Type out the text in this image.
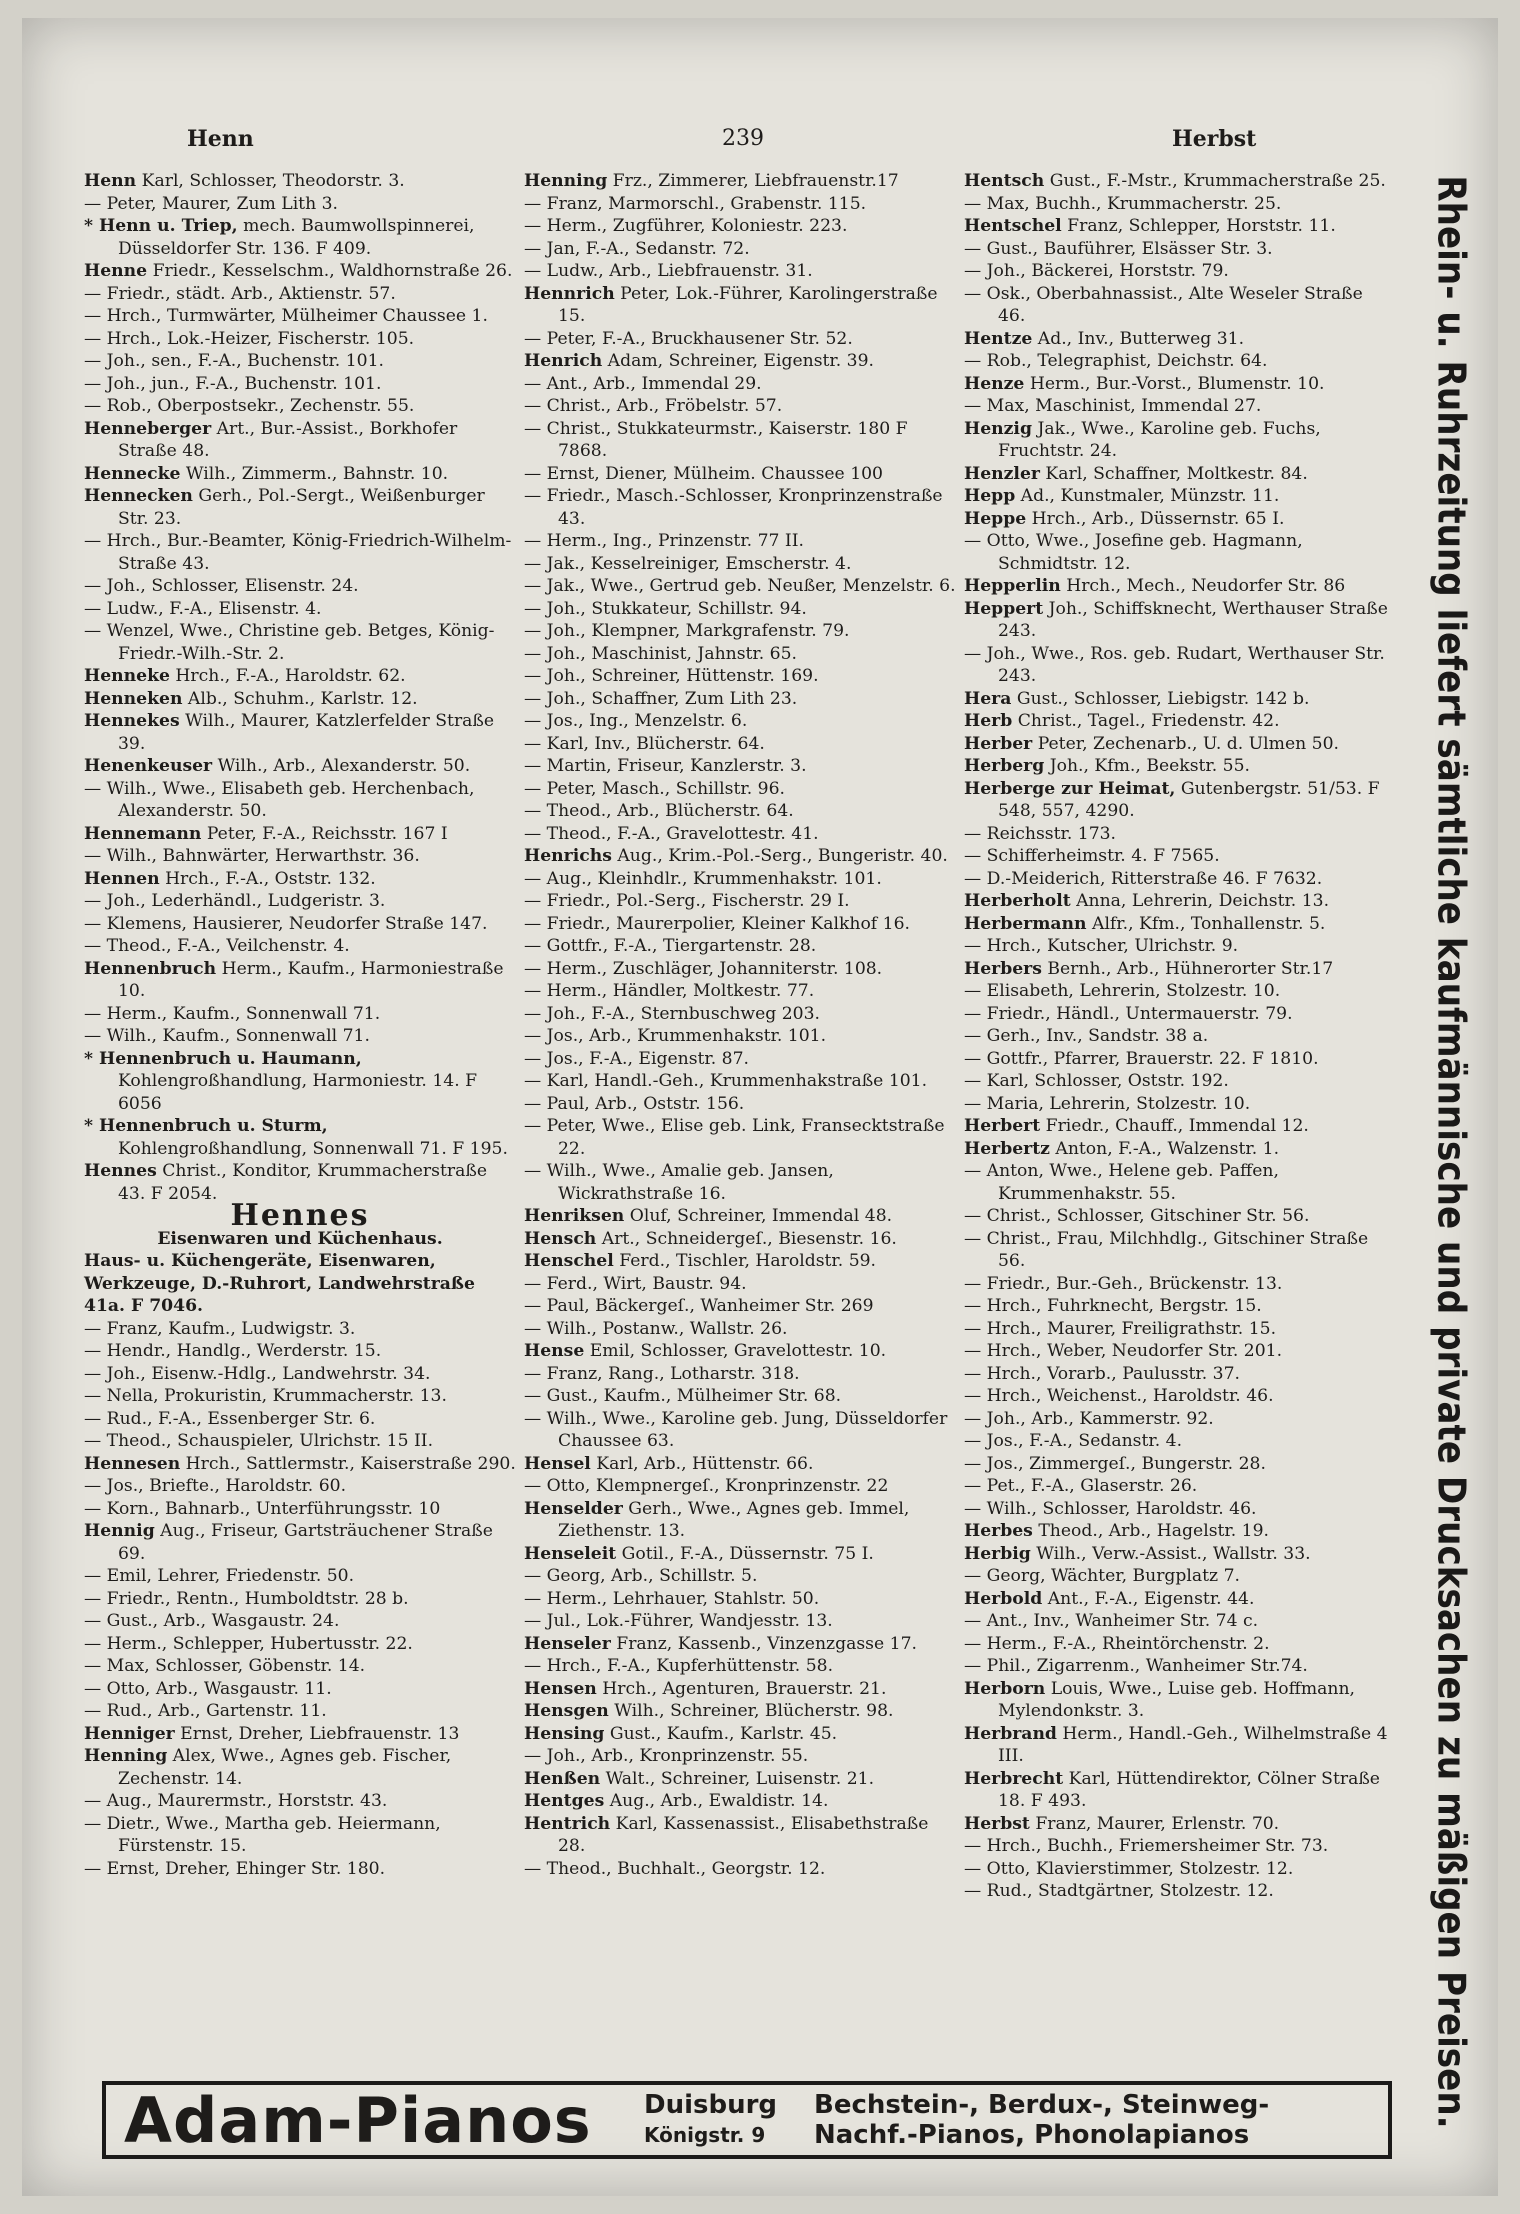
Henn	239	Herbst

Henn Karl, Schlosser, Theodorstr. 3.

— Peter, Maurer, Zum Lith 3.

* Henn u. Triep, mech. Baumwollspinnerei, Düsseldorfer Str. 136. F 409.

Henne Friedr., Kesselschm., Waldhornstraße 26.

— Friedr., städt. Arb., Aktienstr. 57.

— Hrch., Turmwärter, Mülheimer Chaussee 1.

— Hrch., Lok.-Heizer, Fischerstr. 105.

— Joh., sen., F.-A., Buchenstr. 101.

— Joh., jun., F.-A., Buchenstr. 101.

— Rob., Oberpostsekr., Zechenstr. 55.

Henneberger Art., Bur.-Assist., Borkhofer Straße 48.

Hennecke Wilh., Zimmerm., Bahnstr. 10.

Hennecken Gerh., Pol.-Sergt., Weißenburger Str. 23.

— Hrch., Bur.-Beamter, König-Friedrich-Wilhelm-Straße 43.

— Joh., Schlosser, Elisenstr. 24.

— Ludw., F.-A., Elisenstr. 4.

— Wenzel, Wwe., Christine geb. Betges, König-Friedr.-Wilh.-Str. 2.

Henneke Hrch., F.-A., Haroldstr. 62.

Henneken Alb., Schuhm., Karlstr. 12.

Hennekes Wilh., Maurer, Katzlerfelder Straße 39.

Henenkeuser Wilh., Arb., Alexanderstr. 50.

— Wilh., Wwe., Elisabeth geb. Herchenbach, Alexanderstr. 50.

Hennemann Peter, F.-A., Reichsstr. 167 I

— Wilh., Bahnwärter, Herwarthstr. 36.

Hennen Hrch., F.-A., Oststr. 132.

— Joh., Lederhändl., Ludgeristr. 3.

— Klemens, Hausierer, Neudorfer Straße 147.

— Theod., F.-A., Veilchenstr. 4.

Hennenbruch Herm., Kaufm., Harmoniestraße 10.

— Herm., Kaufm., Sonnenwall 71.

— Wilh., Kaufm., Sonnenwall 71.

* Hennenbruch u. Haumann, Kohlengroßhandlung, Harmoniestr. 14. F 6056

* Hennenbruch u. Sturm, Kohlengroßhandlung, Sonnenwall 71. F 195.

Hennes Christ., Konditor, Krummacherstraße 43. F 2054.

Hennes

Eisenwaren und Küchenhaus.

Haus- u. Küchengeräte, Eisenwaren, Werkzeuge, D.-Ruhrort, Landwehrstraße 41a. F 7046.

— Franz, Kaufm., Ludwigstr. 3.

— Hendr., Handlg., Werderstr. 15.

— Joh., Eisenw.-Hdlg., Landwehrstr. 34.

— Nella, Prokuristin, Krummacherstr. 13.

— Rud., F.-A., Essenberger Str. 6.

— Theod., Schauspieler, Ulrichstr. 15 II.

Hennesen Hrch., Sattlermstr., Kaiserstraße 290.

— Jos., Briefte., Haroldstr. 60.

— Korn., Bahnarb., Unterführungsstr. 10

Hennig Aug., Friseur, Gartsträuchener Straße 69.

— Emil, Lehrer, Friedenstr. 50.

— Friedr., Rentn., Humboldtstr. 28 b.

— Gust., Arb., Wasgaustr. 24.

— Herm., Schlepper, Hubertusstr. 22.

— Max, Schlosser, Göbenstr. 14.

— Otto, Arb., Wasgaustr. 11.

— Rud., Arb., Gartenstr. 11.

Henniger Ernst, Dreher, Liebfrauenstr. 13

Henning Alex, Wwe., Agnes geb. Fischer, Zechenstr. 14.

— Aug., Maurermstr., Horststr. 43.

— Dietr., Wwe., Martha geb. Heiermann, Fürstenstr. 15.

— Ernst, Dreher, Ehinger Str. 180.

Henning Frz., Zimmerer, Liebfrauenstr.17

— Franz, Marmorschl., Grabenstr. 115.

— Herm., Zugführer, Koloniestr. 223.

— Jan, F.-A., Sedanstr. 72.

— Ludw., Arb., Liebfrauenstr. 31.

Hennrich Peter, Lok.-Führer, Karolingerstraße 15.

— Peter, F.-A., Bruckhausener Str. 52.

Henrich Adam, Schreiner, Eigenstr. 39.

— Ant., Arb., Immendal 29.

— Christ., Arb., Fröbelstr. 57.

— Christ., Stukkateurmstr., Kaiserstr. 180 F 7868.

— Ernst, Diener, Mülheim. Chaussee 100

— Friedr., Masch.-Schlosser, Kronprinzenstraße 43.

— Herm., Ing., Prinzenstr. 77 II.

— Jak., Kesselreiniger, Emscherstr. 4.

— Jak., Wwe., Gertrud geb. Neußer, Menzelstr. 6.

— Joh., Stukkateur, Schillstr. 94.

— Joh., Klempner, Markgrafenstr. 79.

— Joh., Maschinist, Jahnstr. 65.

— Joh., Schreiner, Hüttenstr. 169.

— Joh., Schaffner, Zum Lith 23.

— Jos., Ing., Menzelstr. 6.

— Karl, Inv., Blücherstr. 64.

— Martin, Friseur, Kanzlerstr. 3.

— Peter, Masch., Schillstr. 96.

— Theod., Arb., Blücherstr. 64.

— Theod., F.-A., Gravelottestr. 41.

Henrichs Aug., Krim.-Pol.-Serg., Bungeristr. 40.

— Aug., Kleinhdlr., Krummenhakstr. 101.

— Friedr., Pol.-Serg., Fischerstr. 29 I.

— Friedr., Maurerpolier, Kleiner Kalkhof 16.

— Gottfr., F.-A., Tiergartenstr. 28.

— Herm., Zuschläger, Johanniterstr. 108.

— Herm., Händler, Moltkestr. 77.

— Joh., F.-A., Sternbuschweg 203.

— Jos., Arb., Krummenhakstr. 101.

— Jos., F.-A., Eigenstr. 87.

— Karl, Handl.-Geh., Krummenhakstraße 101.

— Paul, Arb., Oststr. 156.

— Peter, Wwe., Elise geb. Link, Fransecktstraße 22.

— Wilh., Wwe., Amalie geb. Jansen, Wickrathstraße 16.

Henriksen Oluf, Schreiner, Immendal 48.

Hensch Art., Schneidergeſ., Biesenstr. 16.

Henschel Ferd., Tischler, Haroldstr. 59.

— Ferd., Wirt, Baustr. 94.

— Paul, Bäckergeſ., Wanheimer Str. 269

— Wilh., Postanw., Wallstr. 26.

Hense Emil, Schlosser, Gravelottestr. 10.

— Franz, Rang., Lotharstr. 318.

— Gust., Kaufm., Mülheimer Str. 68.

— Wilh., Wwe., Karoline geb. Jung, Düsseldorfer Chaussee 63.

Hensel Karl, Arb., Hüttenstr. 66.

— Otto, Klempnergeſ., Kronprinzenstr. 22

Henselder Gerh., Wwe., Agnes geb. Immel, Ziethenstr. 13.

Henseleit Gotil., F.-A., Düssernstr. 75 I.

— Georg, Arb., Schillstr. 5.

— Herm., Lehrhauer, Stahlstr. 50.

— Jul., Lok.-Führer, Wandjesstr. 13.

Henseler Franz, Kassenb., Vinzenzgasse 17.

— Hrch., F.-A., Kupferhüttenstr. 58.

Hensen Hrch., Agenturen, Brauerstr. 21.

Hensgen Wilh., Schreiner, Blücherstr. 98.

Hensing Gust., Kaufm., Karlstr. 45.

— Joh., Arb., Kronprinzenstr. 55.

Henßen Walt., Schreiner, Luisenstr. 21.

Hentges Aug., Arb., Ewaldistr. 14.

Hentrich Karl, Kassenassist., Elisabethstraße 28.

— Theod., Buchhalt., Georgstr. 12.

Hentsch Gust., F.-Mstr., Krummacherstraße 25.

— Max, Buchh., Krummacherstr. 25.

Hentschel Franz, Schlepper, Horststr. 11.

— Gust., Bauführer, Elsässer Str. 3.

— Joh., Bäckerei, Horststr. 79.

— Osk., Oberbahnassist., Alte Weseler Straße 46.

Hentze Ad., Inv., Butterweg 31.

— Rob., Telegraphist, Deichstr. 64.

Henze Herm., Bur.-Vorst., Blumenstr. 10.

— Max, Maschinist, Immendal 27.

Henzig Jak., Wwe., Karoline geb. Fuchs, Fruchtstr. 24.

Henzler Karl, Schaffner, Moltkestr. 84.

Hepp Ad., Kunstmaler, Münzstr. 11.

Heppe Hrch., Arb., Düssernstr. 65 I.

— Otto, Wwe., Josefine geb. Hagmann, Schmidtstr. 12.

Hepperlin Hrch., Mech., Neudorfer Str. 86

Heppert Joh., Schiffsknecht, Werthauser Straße 243.

— Joh., Wwe., Ros. geb. Rudart, Werthauser Str. 243.

Hera Gust., Schlosser, Liebigstr. 142 b.

Herb Christ., Tagel., Friedenstr. 42.

Herber Peter, Zechenarb., U. d. Ulmen 50.

Herberg Joh., Kfm., Beekstr. 55.

Herberge zur Heimat, Gutenbergstr. 51/53. F 548, 557, 4290.

— Reichsstr. 173.

— Schifferheimstr. 4. F 7565.

— D.-Meiderich, Ritterstraße 46. F 7632.

Herberholt Anna, Lehrerin, Deichstr. 13.

Herbermann Alfr., Kfm., Tonhallenstr. 5.

— Hrch., Kutscher, Ulrichstr. 9.

Herbers Bernh., Arb., Hühnerorter Str.17

— Elisabeth, Lehrerin, Stolzestr. 10.

— Friedr., Händl., Untermauerstr. 79.

— Gerh., Inv., Sandstr. 38 a.

— Gottfr., Pfarrer, Brauerstr. 22. F 1810.

— Karl, Schlosser, Oststr. 192.

— Maria, Lehrerin, Stolzestr. 10.

Herbert Friedr., Chauff., Immendal 12.

Herbertz Anton, F.-A., Walzenstr. 1.

— Anton, Wwe., Helene geb. Paffen, Krummenhakstr. 55.

— Christ., Schlosser, Gitschiner Str. 56.

— Christ., Frau, Milchhdlg., Gitschiner Straße 56.

— Friedr., Bur.-Geh., Brückenstr. 13.

— Hrch., Fuhrknecht, Bergstr. 15.

— Hrch., Maurer, Freiligrathstr. 15.

— Hrch., Weber, Neudorfer Str. 201.

— Hrch., Vorarb., Paulusstr. 37.

— Hrch., Weichenst., Haroldstr. 46.

— Joh., Arb., Kammerstr. 92.

— Jos., F.-A., Sedanstr. 4.

— Jos., Zimmergeſ., Bungerstr. 28.

— Pet., F.-A., Glaserstr. 26.

— Wilh., Schlosser, Haroldstr. 46.

Herbes Theod., Arb., Hagelstr. 19.

Herbig Wilh., Verw.-Assist., Wallstr. 33.

— Georg, Wächter, Burgplatz 7.

Herbold Ant., F.-A., Eigenstr. 44.

— Ant., Inv., Wanheimer Str. 74 c.

— Herm., F.-A., Rheintörchenstr. 2.

— Phil., Zigarrenm., Wanheimer Str.74.

Herborn Louis, Wwe., Luise geb. Hoffmann, Mylendonkstr. 3.

Herbrand Herm., Handl.-Geh., Wilhelmstraße 4 III.

Herbrecht Karl, Hüttendirektor, Cölner Straße 18. F 493.

Herbst Franz, Maurer, Erlenstr. 70.

— Hrch., Buchh., Friemersheimer Str. 73.

— Otto, Klavierstimmer, Stolzestr. 12.

— Rud., Stadtgärtner, Stolzestr. 12.	Rhein- u. Ruhrzeitung liefert sämtliche kaufmännische und private Drucksachen zu mäßigen Preisen.
Adam-Pianos	Duisburg
Königstr. 9
Bechstein-, Berdux-, Steinweg-
Nachf.-Pianos, Phonolapianos
